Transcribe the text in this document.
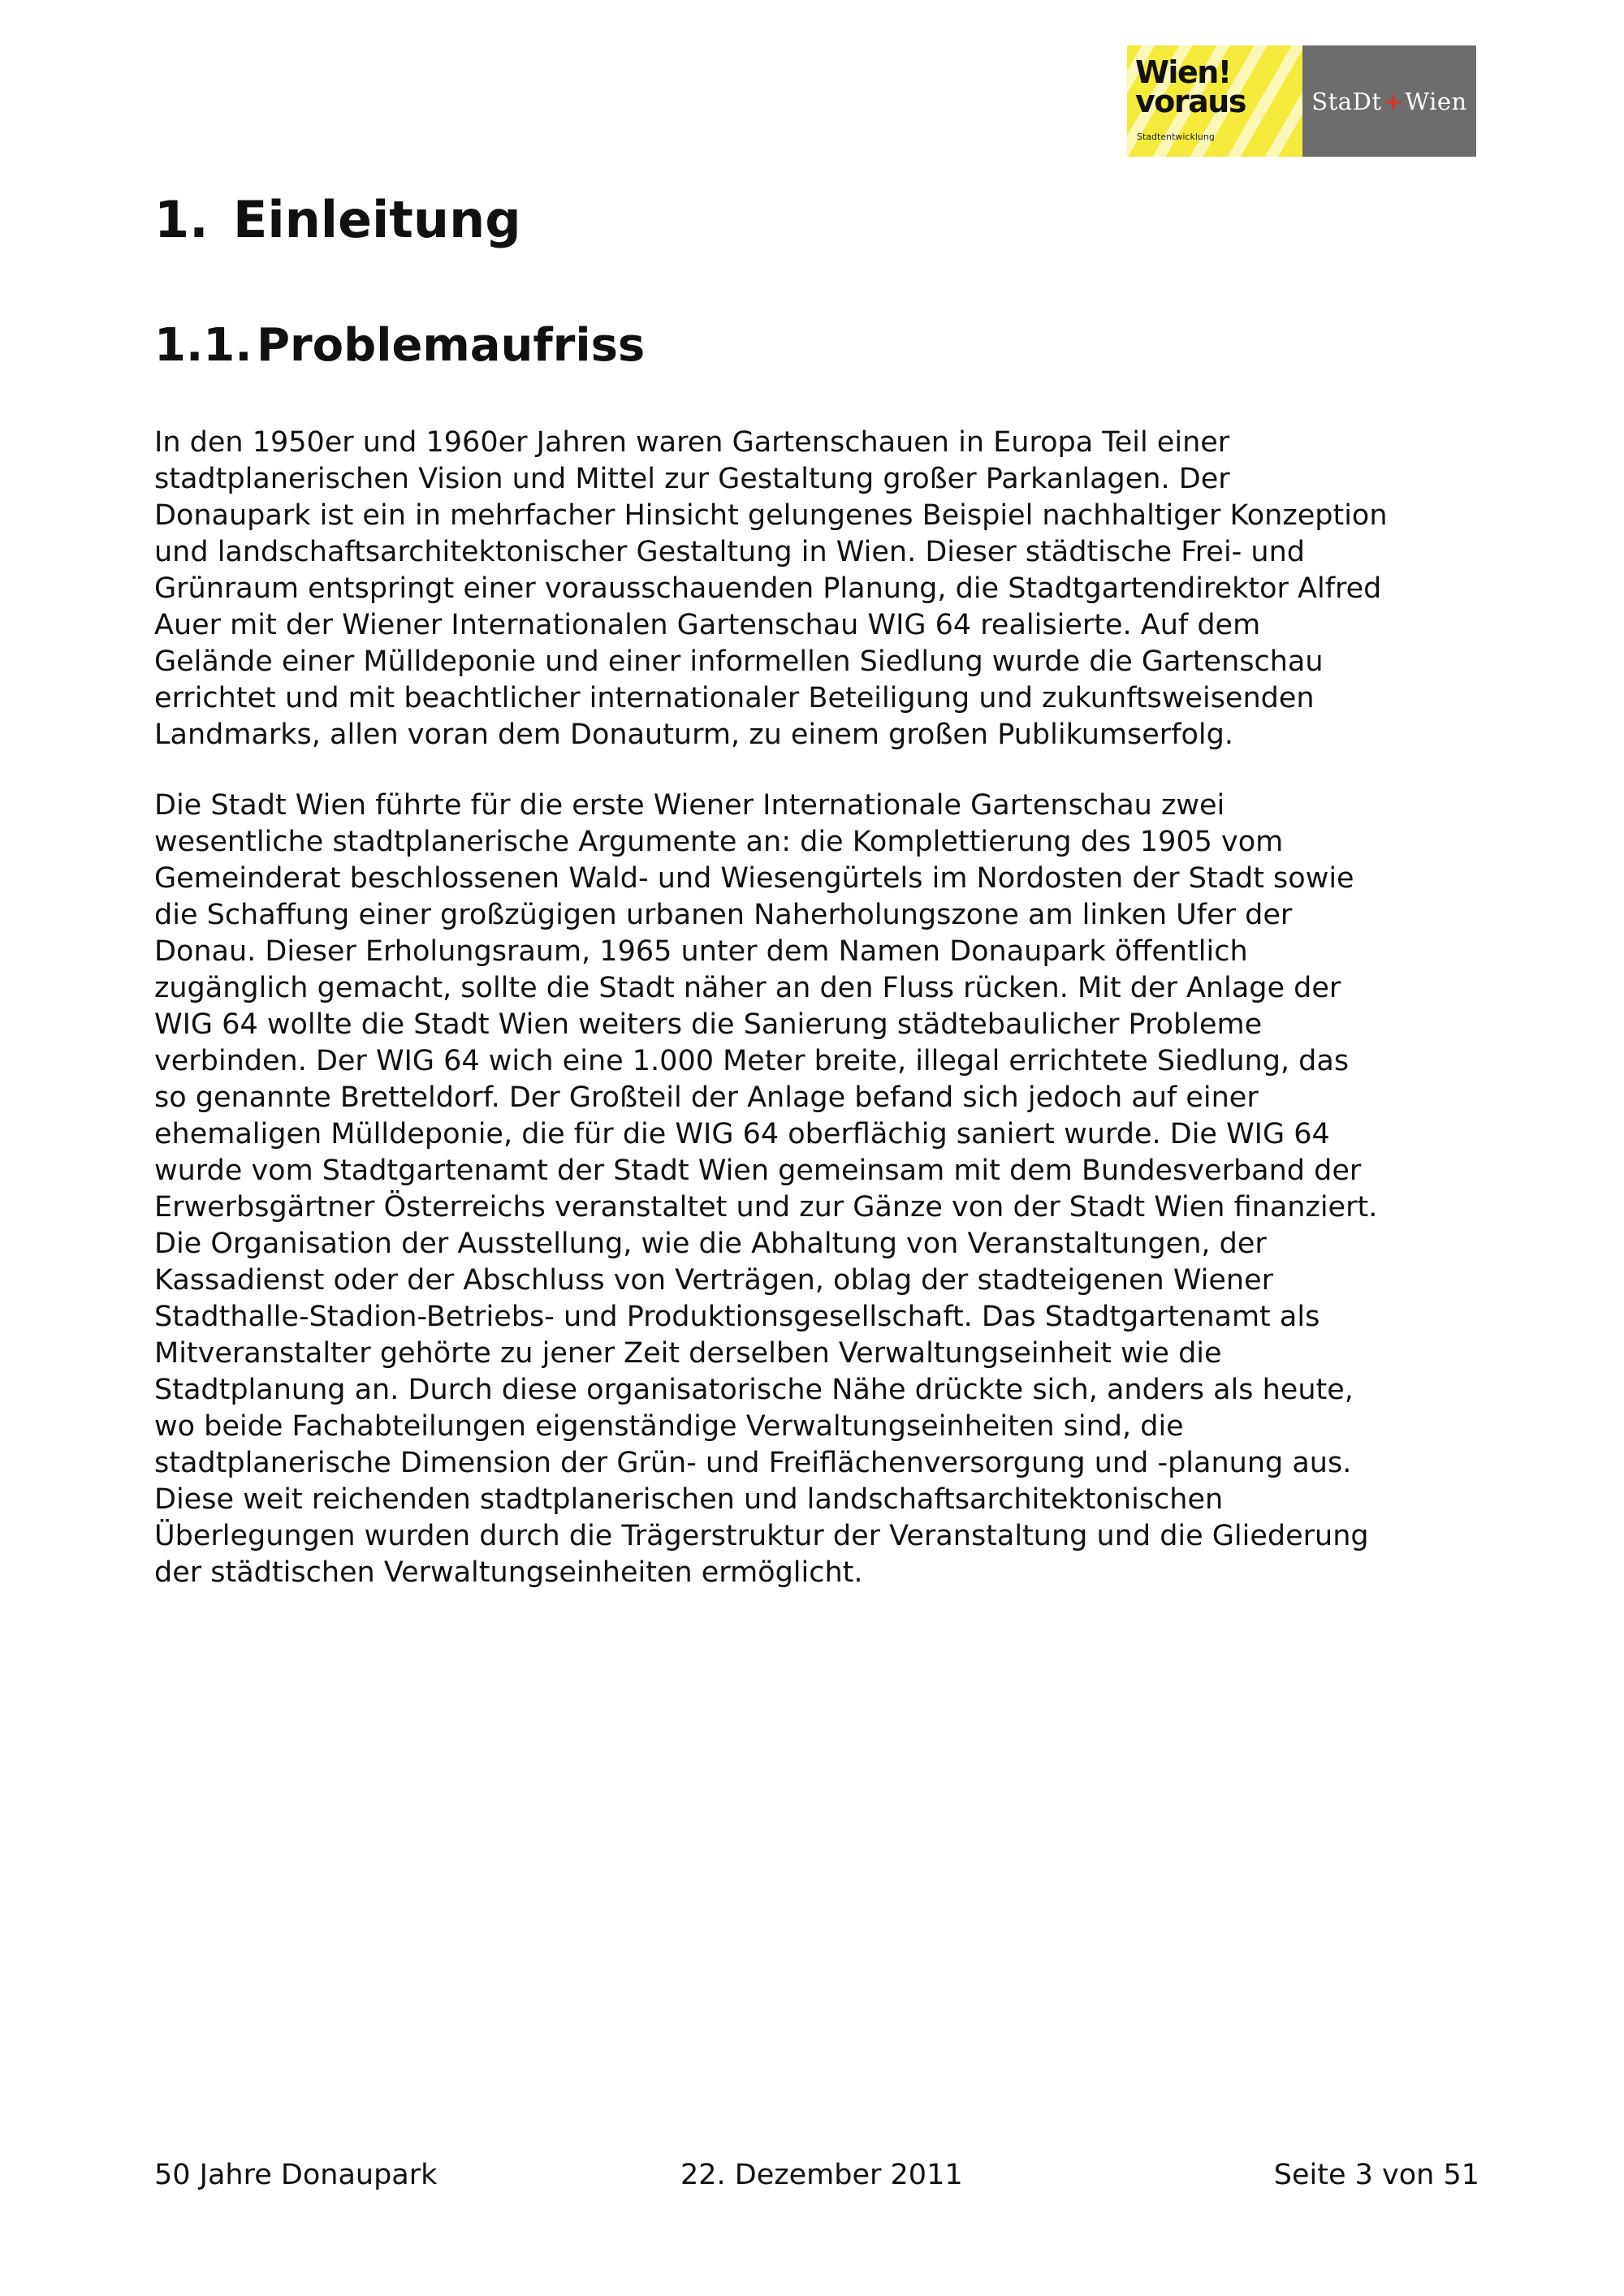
Wien!
voraus
Stadtentwicklung
StaDt + Wien
1. Einleitung
1.1.Problemaufriss
In den 1950er und 1960er Jahren waren Gartenschauen in Europa Teil einer
stadtplanerischen Vision und Mittel zur Gestaltung großer Parkanlagen. Der
Donaupark ist ein in mehrfacher Hinsicht gelungenes Beispiel nachhaltiger Konzeption
und landschaftsarchitektonischer Gestaltung in Wien. Dieser städtische Frei- und
Grünraum entspringt einer vorausschauenden Planung, die Stadtgartendirektor Alfred
Auer mit der Wiener Internationalen Gartenschau WIG 64 realisierte. Auf dem
Gelände einer Mülldeponie und einer informellen Siedlung wurde die Gartenschau
errichtet und mit beachtlicher internationaler Beteiligung und zukunftsweisenden
Landmarks, allen voran dem Donauturm, zu einem großen Publikumserfolg.
Die Stadt Wien führte für die erste Wiener Internationale Gartenschau zwei
wesentliche stadtplanerische Argumente an: die Komplettierung des 1905 vom
Gemeinderat beschlossenen Wald- und Wiesengürtels im Nordosten der Stadt sowie
die Schaffung einer großzügigen urbanen Naherholungszone am linken Ufer der
Donau. Dieser Erholungsraum, 1965 unter dem Namen Donaupark öffentlich
zugänglich gemacht, sollte die Stadt näher an den Fluss rücken. Mit der Anlage der
WIG 64 wollte die Stadt Wien weiters die Sanierung städtebaulicher Probleme
verbinden. Der WIG 64 wich eine 1.000 Meter breite, illegal errichtete Siedlung, das
so genannte Bretteldorf. Der Großteil der Anlage befand sich jedoch auf einer
ehemaligen Mülldeponie, die für die WIG 64 oberflächig saniert wurde. Die WIG 64
wurde vom Stadtgartenamt der Stadt Wien gemeinsam mit dem Bundesverband der
Erwerbsgärtner Österreichs veranstaltet und zur Gänze von der Stadt Wien finanziert.
Die Organisation der Ausstellung, wie die Abhaltung von Veranstaltungen, der
Kassadienst oder der Abschluss von Verträgen, oblag der stadteigenen Wiener
Stadthalle-Stadion-Betriebs- und Produktionsgesellschaft. Das Stadtgartenamt als
Mitveranstalter gehörte zu jener Zeit derselben Verwaltungseinheit wie die
Stadtplanung an. Durch diese organisatorische Nähe drückte sich, anders als heute,
wo beide Fachabteilungen eigenständige Verwaltungseinheiten sind, die
stadtplanerische Dimension der Grün- und Freiflächenversorgung und -planung aus.
Diese weit reichenden stadtplanerischen und landschaftsarchitektonischen
Überlegungen wurden durch die Trägerstruktur der Veranstaltung und die Gliederung
der städtischen Verwaltungseinheiten ermöglicht.
50 Jahre Donaupark	22. Dezember 2011	Seite 3 von 51
